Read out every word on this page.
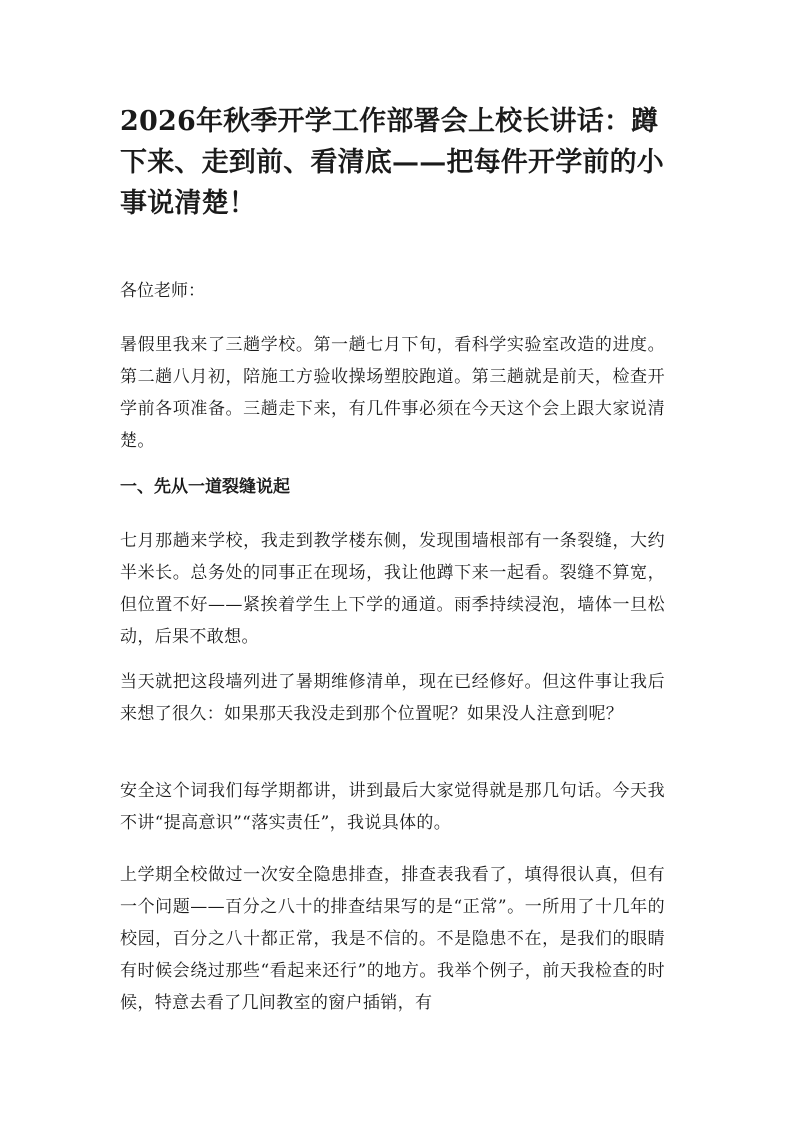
2026年秋季开学工作部署会上校长讲话：蹲下来、走到前、看清底——把每件开学前的小事说清楚！

各位老师：

暑假里我来了三趟学校。第一趟七月下旬，看科学实验室改造的进度。第二趟八月初，陪施工方验收操场塑胶跑道。第三趟就是前天，检查开学前各项准备。三趟走下来，有几件事必须在今天这个会上跟大家说清楚。

一、先从一道裂缝说起

七月那趟来学校，我走到教学楼东侧，发现围墙根部有一条裂缝，大约半米长。总务处的同事正在现场，我让他蹲下来一起看。裂缝不算宽，但位置不好——紧挨着学生上下学的通道。雨季持续浸泡，墙体一旦松动，后果不敢想。

当天就把这段墙列进了暑期维修清单，现在已经修好。但这件事让我后来想了很久：如果那天我没走到那个位置呢？如果没人注意到呢？

安全这个词我们每学期都讲，讲到最后大家觉得就是那几句话。今天我不讲“提高意识”“落实责任”，我说具体的。

上学期全校做过一次安全隐患排查，排查表我看了，填得很认真，但有一个问题——百分之八十的排查结果写的是“正常”。一所用了十几年的校园，百分之八十都正常，我是不信的。不是隐患不在，是我们的眼睛有时候会绕过那些“看起来还行”的地方。我举个例子，前天我检查的时候，特意去看了几间教室的窗户插销，有
